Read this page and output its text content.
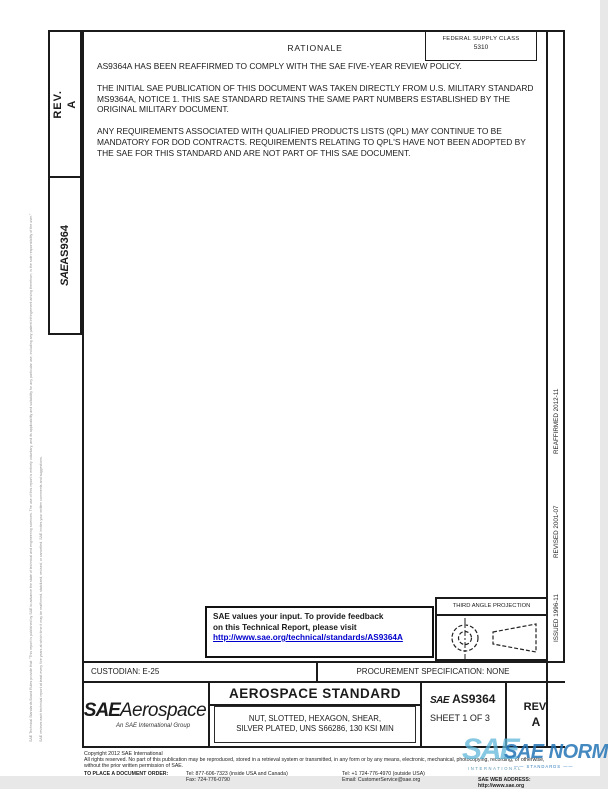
SAE Technical Standards Board Rules provide that: "This report is published by SAE to advance the state of technical and engineering sciences. The use of this report is entirely voluntary, and its applicability and suitability for any particular use, including any patent infringement arising therefrom, is the sole responsibility of the user."	SAE reviews each technical report at least every five years at which time it may be reaffirmed, stabilized, revised, or cancelled. SAE invites your written comments and suggestions.
REV. A
SAEAS9364
REAFFIRMED 2012-11
REVISED 2001-07
ISSUED 1996-11
FEDERAL SUPPLY CLASS
5310
RATIONALE

AS9364A HAS BEEN REAFFIRMED TO COMPLY WITH THE SAE FIVE-YEAR REVIEW POLICY.

THE INITIAL SAE PUBLICATION OF THIS DOCUMENT WAS TAKEN DIRECTLY FROM U.S. MILITARY STANDARD MS9364A, NOTICE 1. THIS SAE STANDARD RETAINS THE SAME PART NUMBERS ESTABLISHED BY THE ORIGINAL MILITARY DOCUMENT.

ANY REQUIREMENTS ASSOCIATED WITH QUALIFIED PRODUCTS LISTS (QPL) MAY CONTINUE TO BE MANDATORY FOR DOD CONTRACTS. REQUIREMENTS RELATING TO QPL'S HAVE NOT BEEN ADOPTED BY THE SAE FOR THIS STANDARD AND ARE NOT PART OF THIS SAE DOCUMENT.

SAE values your input. To provide feedback
on this Technical Report, please visit
http://www.sae.org/technical/standards/AS9364A
THIRD ANGLE PROJECTION
CUSTODIAN: E-25	PROCUREMENT SPECIFICATION: NONE
SAEAerospace
An SAE International Group
AEROSPACE STANDARD
NUT, SLOTTED, HEXAGON, SHEAR,
SILVER PLATED, UNS S66286, 130 KSI MIN
SAE AS9364
SHEET 1 OF 3
REV.
A
Copyright 2012 SAE International
All rights reserved. No part of this publication may be reproduced, stored in a retrieval system or transmitted, in any form or by any means, electronic, mechanical, photocopying, recording, or otherwise, without the prior written permission of SAE.
TO PLACE A DOCUMENT ORDER:	Tel: 877-606-7323 (inside USA and Canada)	Tel: +1 724-776-4970 (outside USA)
Fax: 724-776-0790	Email: CustomerService@sae.org	SAE WEB ADDRESS: http://www.sae.org
SAE
INTERNATIONAL
SAE NORM
—— STANDARDS ——
